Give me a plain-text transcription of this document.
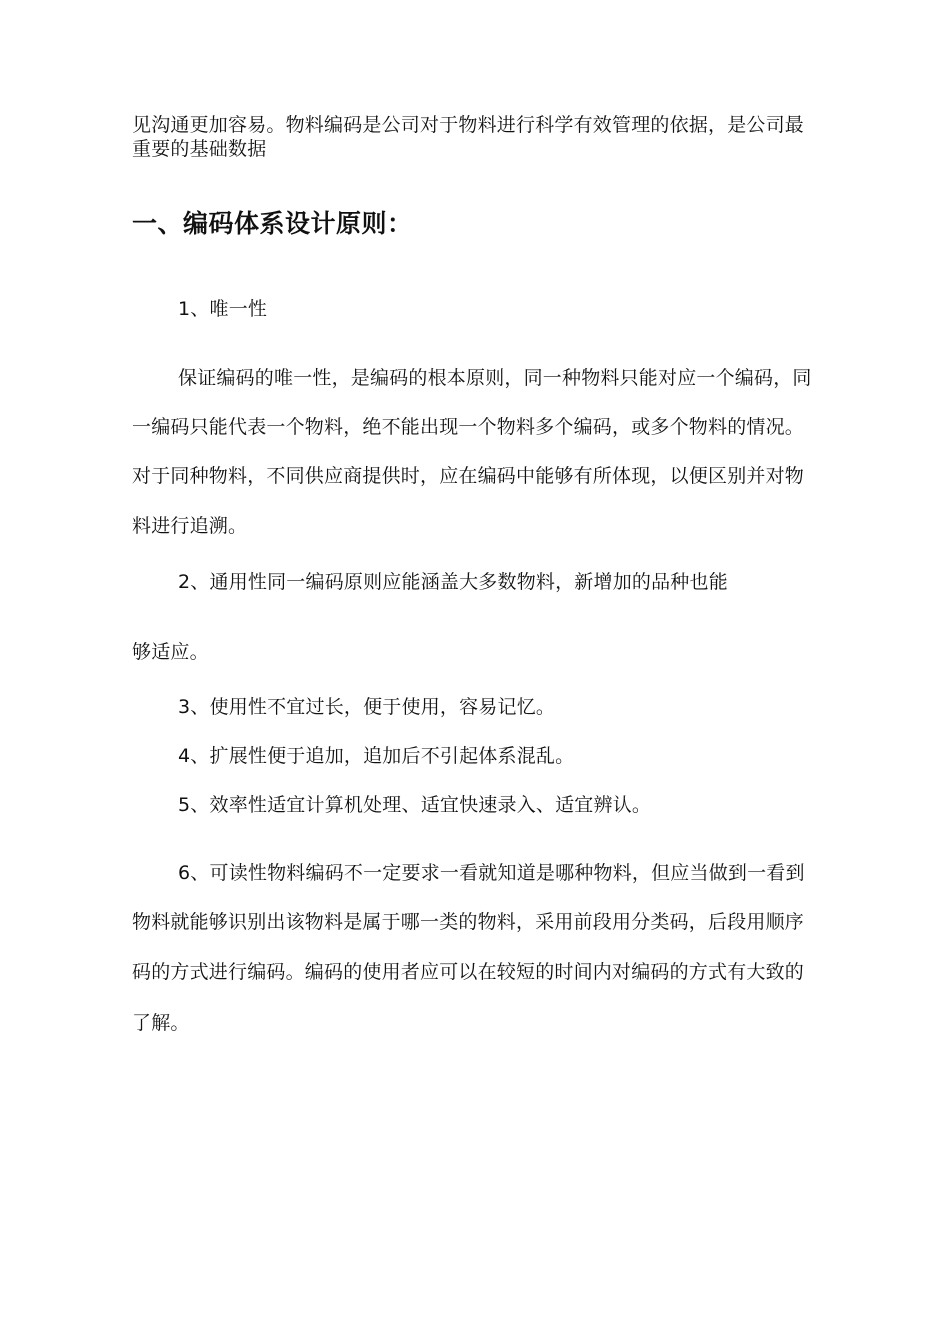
见沟通更加容易。物料编码是公司对于物料进行科学有效管理的依据，是公司最
重要的基础数据
一、编码体系设计原则：
1、唯一性
保证编码的唯一性，是编码的根本原则，同一种物料只能对应一个编码，同
一编码只能代表一个物料，绝不能出现一个物料多个编码，或多个物料的情况。
对于同种物料，不同供应商提供时，应在编码中能够有所体现，以便区别并对物
料进行追溯。
2、通用性同一编码原则应能涵盖大多数物料，新增加的品种也能
够适应。
3、使用性不宜过长，便于使用，容易记忆。
4、扩展性便于追加，追加后不引起体系混乱。
5、效率性适宜计算机处理、适宜快速录入、适宜辨认。
6、可读性物料编码不一定要求一看就知道是哪种物料，但应当做到一看到
物料就能够识别出该物料是属于哪一类的物料，采用前段用分类码，后段用顺序
码的方式进行编码。编码的使用者应可以在较短的时间内对编码的方式有大致的
了解。
